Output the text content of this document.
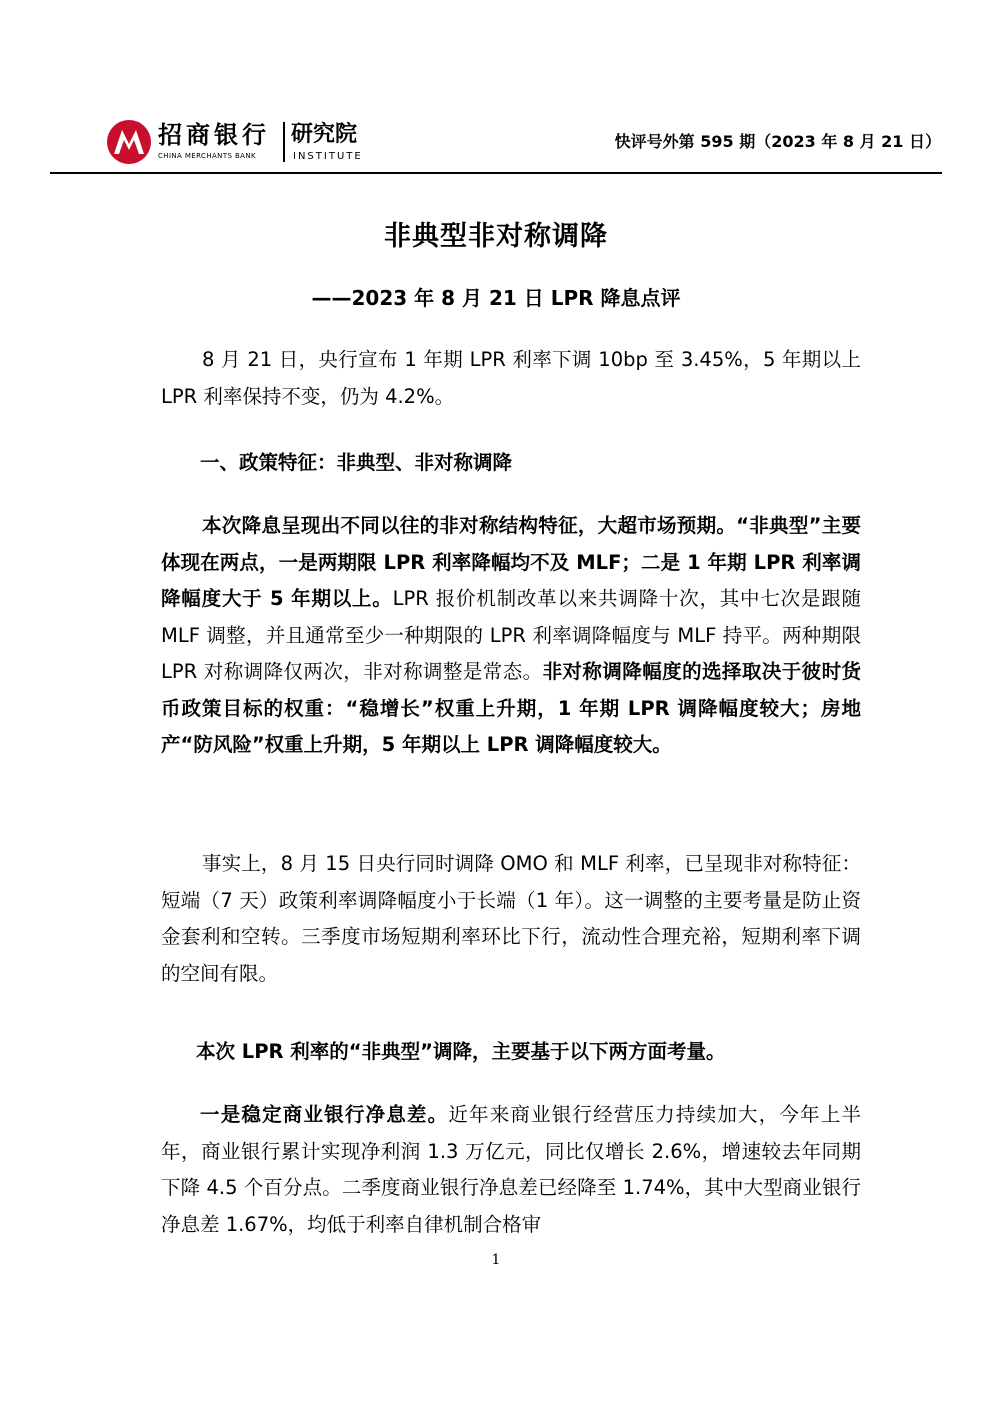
招商银行
CHINA MERCHANTS BANK
研究院
INSTITUTE
快评号外第 595 期（2023 年 8 月 21 日）
非典型非对称调降
——2023 年 8 月 21 日 LPR 降息点评
8 月 21 日，央行宣布 1 年期 LPR 利率下调 10bp 至 3.45%，5 年期以上 LPR 利率保持不变，仍为 4.2%。
一、政策特征：非典型、非对称调降
本次降息呈现出不同以往的非对称结构特征，大超市场预期。“非典型”主要体现在两点，一是两期限 LPR 利率降幅均不及 MLF；二是 1 年期 LPR 利率调降幅度大于 5 年期以上。LPR 报价机制改革以来共调降十次，其中七次是跟随 MLF 调整，并且通常至少一种期限的 LPR 利率调降幅度与 MLF 持平。两种期限 LPR 对称调降仅两次，非对称调整是常态。非对称调降幅度的选择取决于彼时货币政策目标的权重：“稳增长”权重上升期，1 年期 LPR 调降幅度较大；房地产“防风险”权重上升期，5 年期以上 LPR 调降幅度较大。
事实上，8 月 15 日央行同时调降 OMO 和 MLF 利率，已呈现非对称特征：短端（7 天）政策利率调降幅度小于长端（1 年）。这一调整的主要考量是防止资金套利和空转。三季度市场短期利率环比下行，流动性合理充裕，短期利率下调的空间有限。
本次 LPR 利率的“非典型”调降，主要基于以下两方面考量。
一是稳定商业银行净息差。近年来商业银行经营压力持续加大，今年上半年，商业银行累计实现净利润 1.3 万亿元，同比仅增长 2.6%，增速较去年同期下降 4.5 个百分点。二季度商业银行净息差已经降至 1.74%，其中大型商业银行净息差 1.67%，均低于利率自律机制合格审
1
